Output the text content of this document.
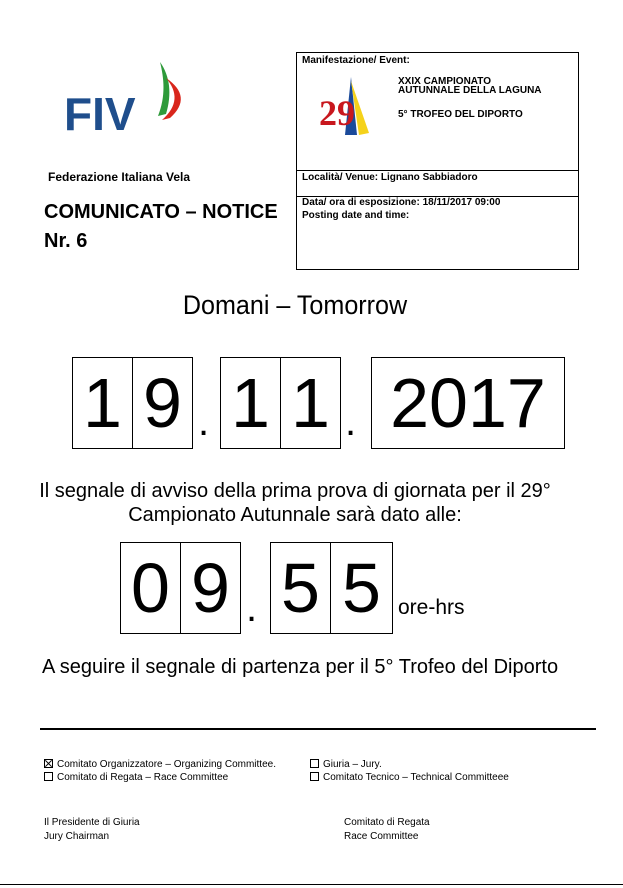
FIV
Federazione Italiana Vela
COMUNICATO – NOTICE
Nr. 6
Manifestazione/ Event:
29
XXIX CAMPIONATO
AUTUNNALE DELLA LAGUNA
5° TROFEO DEL DIPORTO
Località/ Venue: Lignano Sabbiadoro
Data/ ora di esposizione: 18/11/2017 09:00
Posting date and time:
Domani – Tomorrow
1 9 . 1 1 . 2017
Il segnale di avviso della prima prova di giornata per il 29°
Campionato Autunnale sarà dato alle:
0 9 . 5 5 ore-hrs
A seguire il segnale di partenza per il 5° Trofeo del Diporto
Comitato Organizzatore – Organizing Committee.
Comitato di Regata – Race Committee
Giuria – Jury.
Comitato Tecnico – Technical Committeee
Il Presidente di Giuria
Jury Chairman
Comitato di Regata
Race Committee
